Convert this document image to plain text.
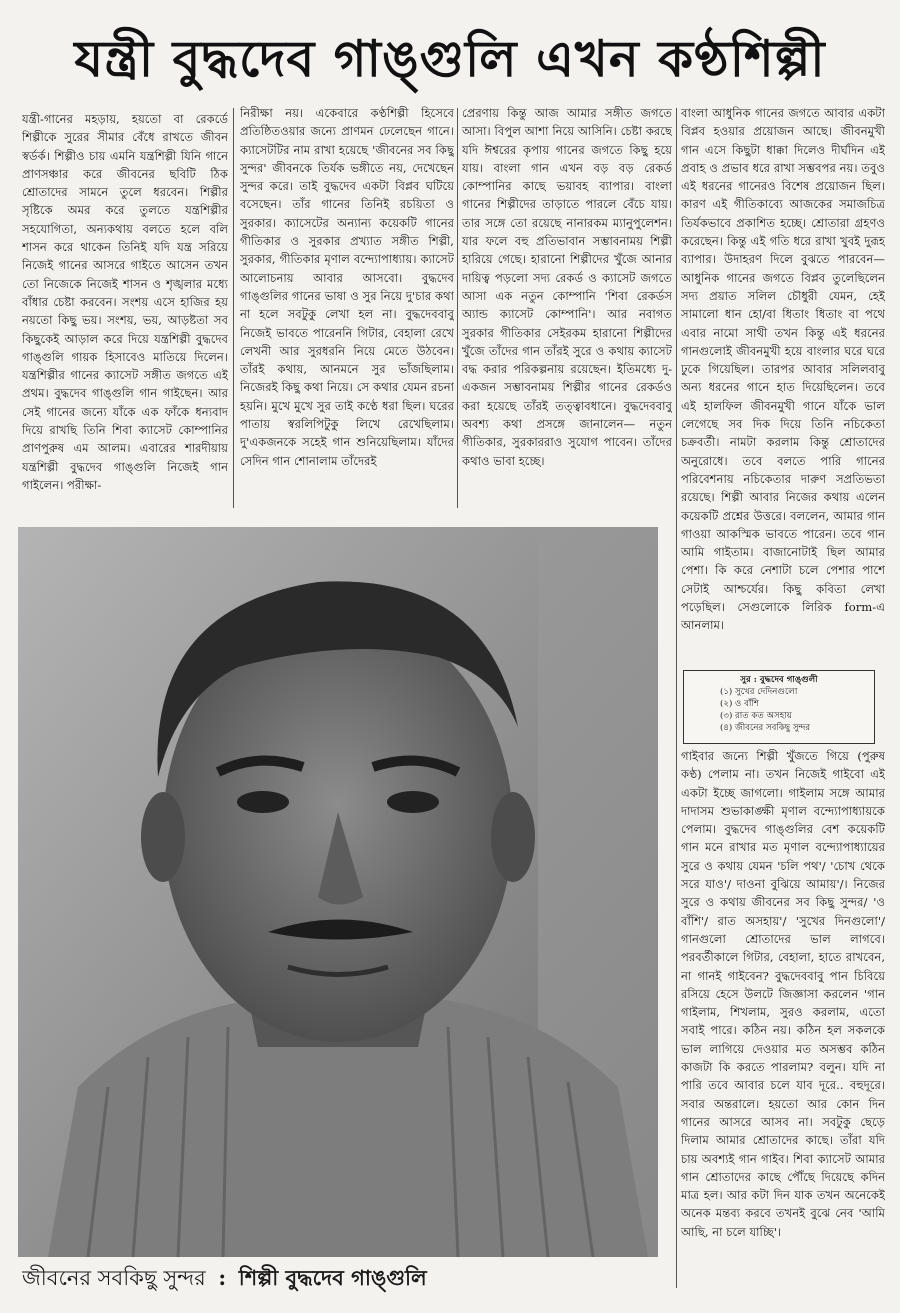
যন্ত্রী বুদ্ধদেব গাঙ্গুলি এখন কণ্ঠশিল্পী

যন্ত্রী-গানের মহড়ায়, হয়তো বা রেকর্ডে শিল্পীকে সুরের সীমার বেঁধে রাখতে জীবন স্বর্ডর্ক। শিল্পীও চায় এমনি যন্ত্রশিল্পী যিনি গানে প্রাণসঞ্চার করে জীবনের ছবিটি ঠিক শ্রোতাদের সামনে তুলে ধরবেন। শিল্পীর সৃষ্টিকে অমর করে তুলতে যন্ত্রশিল্পীর সহযোগিতা, অন্যকথায় বলতে হলে বলি শাসন করে থাকেন তিনিই যদি যন্ত্র সরিয়ে নিজেই গানের আসরে গাইতে আসেন তখন তো নিজেকে নিজেই শাসন ও শৃঙ্খলার মধ্যে বাঁধার চেষ্টা করবেন। সংশয় এসে হাজির হয় নয়তো কিছু ভয়। সংশয়, ভয়, আড়ষ্টতা সব কিছুকেই আড়াল করে দিয়ে যন্ত্রশিল্পী বুদ্ধদেব গাঙ্গুলি গায়ক হিসাবেও মাতিয়ে দিলেন। যন্ত্রশিল্পীর গানের ক্যাসেট সঙ্গীত জগতে এই প্রথম। বুদ্ধদেব গাঙ্গুলি গান গাইছেন। আর সেই গানের জন্যে যাঁকে এক ফাঁকে ধন্যবাদ দিয়ে রাখছি তিনি শিবা ক্যাসেট কোম্পানির প্রাণপুরুষ এম আলম। এবারের শারদীয়ায় যন্ত্রশিল্পী বুদ্ধদেব গাঙ্গুলি নিজেই গান গাইলেন। পরীক্ষা-

নিরীক্ষা নয়। একেবারে কণ্ঠশিল্পী হিসেবে প্রতিষ্ঠিতওয়ার জন্যে প্রাণমন ঢেলেছেন গানে। ক্যাসেটটির নাম রাখা হয়েছে 'জীবনের সব কিছু সুন্দর' জীবনকে তির্যক ভঙ্গীতে নয়, দেখেছেন সুন্দর করে। তাই বুদ্ধদেব একটা বিপ্লব ঘটিয়ে বসেছেন। তাঁর গানের তিনিই রচয়িতা ও সুরকার। ক্যাসেটের অন্যান্য কয়েকটি গানের গীতিকার ও সুরকার প্রখ্যাত সঙ্গীত শিল্পী, সুরকার, গীতিকার মৃণাল বন্দ্যোপাধ্যায়। ক্যাসেট আলোচনায় আবার আসবো। বুদ্ধদেব গাঙ্গুলির গানের ভাষা ও সুর নিয়ে দু'চার কথা না হলে সবটুকু লেখা হল না। বুদ্ধদেববাবু নিজেই ভাবতে পারেননি গিটার, বেহালা রেখে লেখনী আর সুরধরনি নিয়ে মেতে উঠবেন। তাঁরই কথায়, আনমনে সুর ভাঁজছিলাম। নিজেরই কিছু কথা নিয়ে। সে কথার যেমন রচনা হয়নি। মুখে মুখে সুর তাই কণ্ঠে ধরা ছিল। ঘরের পাতায় স্বরলিপিটুকু লিখে রেখেছিলাম। দু'একজনকে সহেই গান শুনিয়েছিলাম। যাঁদের সেদিন গান শোনালাম তাঁদেরই

প্রেরণায় কিন্তু আজ আমার সঙ্গীত জগতে আসা। বিপুল আশা নিয়ে আসিনি। চেষ্টা করছে যদি ঈশ্বরের কৃপায় গানের জগতে কিছু হয়ে যায়। বাংলা গান এখন বড় বড় রেকর্ড কোম্পানির কাছে ভয়াবহ ব্যাপার। বাংলা গানের শিল্পীদের তাড়াতে পারলে বেঁচে যায়। তার সঙ্গে তো রয়েছে নানারকম ম্যানুপুলেশন। যার ফলে বহু প্রতিভাবান সম্ভাবনাময় শিল্পী হারিয়ে গেছে। হারানো শিল্পীদের খুঁজে আনার দায়িত্ব পড়লো সদ্য রেকর্ড ও ক্যাসেট জগতে আসা এক নতুন কোম্পানি 'শিবা রেকর্ডস অ্যান্ড ক্যাসেট কোম্পানি'। আর নবাগত সুরকার গীতিকার সেইরকম হারানো শিল্পীদের খুঁজে তাঁদের গান তাঁরই সুরে ও কথায় ক্যাসেট বদ্ধ করার পরিকল্পনায় রয়েছেন। ইতিমধ্যে দু-একজন সম্ভাবনাময় শিল্পীর গানের রেকর্ডও করা হয়েছে তাঁরই তত্ত্বাবধানে। বুদ্ধদেববাবু অবশ্য কথা প্রসঙ্গে জানালেন— নতুন গীতিকার, সুরকাররাও সুযোগ পাবেন। তাঁদের কথাও ভাবা হচ্ছে।

বাংলা আধুনিক গানের জগতে আবার একটা বিপ্লব হওয়ার প্রয়োজন আছে। জীবনমুখী গান এসে কিছুটা ধাক্কা দিলেও দীর্ঘদিন এই প্রবাহ ও প্রভাব ধরে রাখা সম্ভবপর নয়। তবুও এই ধরনের গানেরও বিশেষ প্রয়োজন ছিল। কারণ এই গীতিকাব্যে আজকের সমাজচিত্র তির্যকভাবে প্রকাশিত হচ্ছে। শ্রোতারা গ্রহণও করেছেন। কিন্তু এই গতি ধরে রাখা খুবই দুরূহ ব্যাপার। উদাহরণ দিলে বুঝতে পারবেন— আধুনিক গানের জগতে বিপ্লব তুলেছিলেন সদ্য প্রয়াত সলিল চৌধুরী যেমন, হেই সামালো ধান হো/বা ধিতাং ধিতাং বা পথে এবার নামো সাথী তখন কিন্তু এই ধরনের গানগুলোই জীবনমুখী হয়ে বাংলার ঘরে ঘরে ঢুকে গিয়েছিল। তারপর আবার সলিলবাবু অন্য ধরনের গানে হাত দিয়েছিলেন। তবে এই হালফিল জীবনমুখী গানে যাঁকে ভাল লেগেছে সব দিক দিয়ে তিনি নচিকেতা চক্রবর্তী। নামটা করলাম কিন্তু শ্রোতাদের অনুরোধে। তবে বলতে পারি গানের পরিবেশনায় নচিকেতার দারুণ সপ্রতিভতা রয়েছে। শিল্পী আবার নিজের কথায় এলেন কয়েকটি প্রশ্নের উত্তরে। বললেন, আমার গান গাওয়া আকস্মিক ভাবতে পারেন। তবে গান আমি গাইতাম। বাজানোটাই ছিল আমার পেশা। কি করে নেশাটা চলে পেশার পাশে সেটাই আশ্চর্যের। কিছু কবিতা লেখা পড়েছিল। সেগুলোকে লিরিক form-এ আনলাম।

সুর : বুদ্ধদেব গাঙ্গুলী
(১) সুখের দেদিনগুলো
(২) ও বাঁশি
(৩) রাত কত অসহায়
(৪) জীবনের সবকিছু সুন্দর

গাইবার জন্যে শিল্পী খুঁজতে গিয়ে (পুরুষ কণ্ঠ) পেলাম না। তখন নিজেই গাইবো এই একটা ইচ্ছে জাগলো। গাইলাম সঙ্গে আমার দাদাসম শুভাকাঙ্ক্ষী মৃণাল বন্দ্যোপাধ্যায়কে পেলাম। বুদ্ধদেব গাঙ্গুলির বেশ কয়েকটি গান মনে রাখার মত মৃণাল বন্দ্যোপাধ্যায়ের সুরে ও কথায় যেমন 'চলি পথ'/ 'চোখ থেকে সরে যাও'/ দাওনা বুঝিয়ে আমায়'/। নিজের সুরে ও কথায় জীবনের সব কিছু সুন্দর/ 'ও বাঁশি'/ রাত অসহায়'/ 'সুখের দিনগুলো'/ গানগুলো শ্রোতাদের ভাল লাগবে। পরবর্তীকালে গিটার, বেহালা, হাতে রাখবেন, না গানই গাইবেন? বুদ্ধদেববাবু পান চিবিয়ে রসিয়ে হেসে উলটে জিজ্ঞাসা করলেন 'গান গাইলাম, শিখলাম, সুরও করলাম, এতো সবাই পারে। কঠিন নয়। কঠিন হল সকলকে ভাল লাগিয়ে দেওয়ার মত অসম্ভব কঠিন কাজটা কি করতে পারলাম? বলুন। যদি না পারি তবে আবার চলে যাব দূরে.. বহুদূরে। সবার অন্তরালে। হয়তো আর কোন দিন গানের আসরে আসব না। সবটুকু ছেড়ে দিলাম আমার শ্রোতাদের কাছে। তাঁরা যদি চায় অবশ্যই গান গাইব। শিবা ক্যাসেট আমার গান শ্রোতাদের কাছে পৌঁছে দিয়েছে কদিন মাত্র হল। আর কটা দিন যাক তখন অনেকেই অনেক মন্তব্য করবে তখনই বুঝে নেব 'আমি আছি, না চলে যাচ্ছি'।

জীবনের সবকিছু সুন্দর : শিল্পী বুদ্ধদেব গাঙ্গুলি
